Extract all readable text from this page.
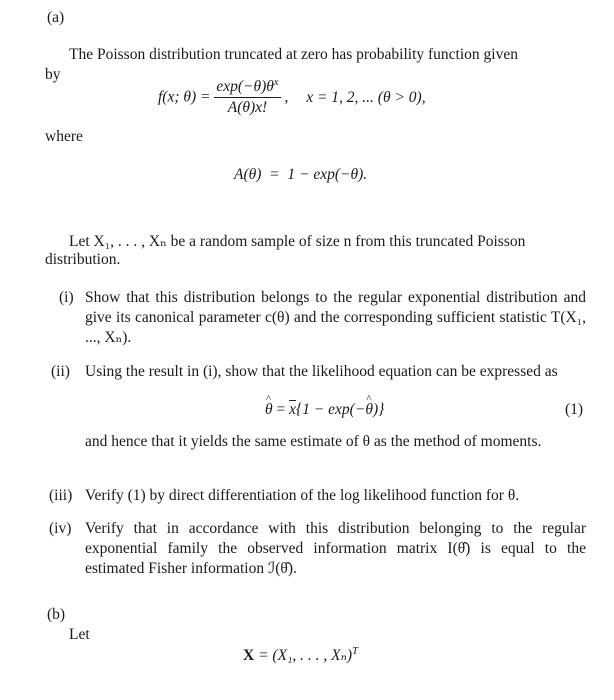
(a)
The Poisson distribution truncated at zero has probability function given
by
f(x; $\theta) = \frac{\exp(-\theta)\theta^x}{A(\theta)x!}$ , x = 1, 2, ... (θ > 0),
where
A(θ)  =  1 − exp(−θ).
Let X₁, . . . , Xₙ be a random sample of size n from this truncated Poisson
distribution.
(i) Show that this distribution belongs to the regular exponential distribution and give its canonical parameter c(θ) and the corresponding sufficient statistic T(X₁, ..., Xₙ).
(ii) Using the result in (i), show that the likelihood equation can be expressed as
^ $\theta = \overline{x}\{1$ − exp(−^ θ)}	(1)
and hence that it yields the same estimate of θ as the method of moments.
(iii) Verify (1) by direct differentiation of the log likelihood function for θ.
(iv) Verify that in accordance with this distribution belonging to the regular exponential family the observed information matrix I(θ̂) is equal to the estimated Fisher information ℐ(θ̂).
(b)
Let
X = (X₁, . . . , Xₙ)$^T$
